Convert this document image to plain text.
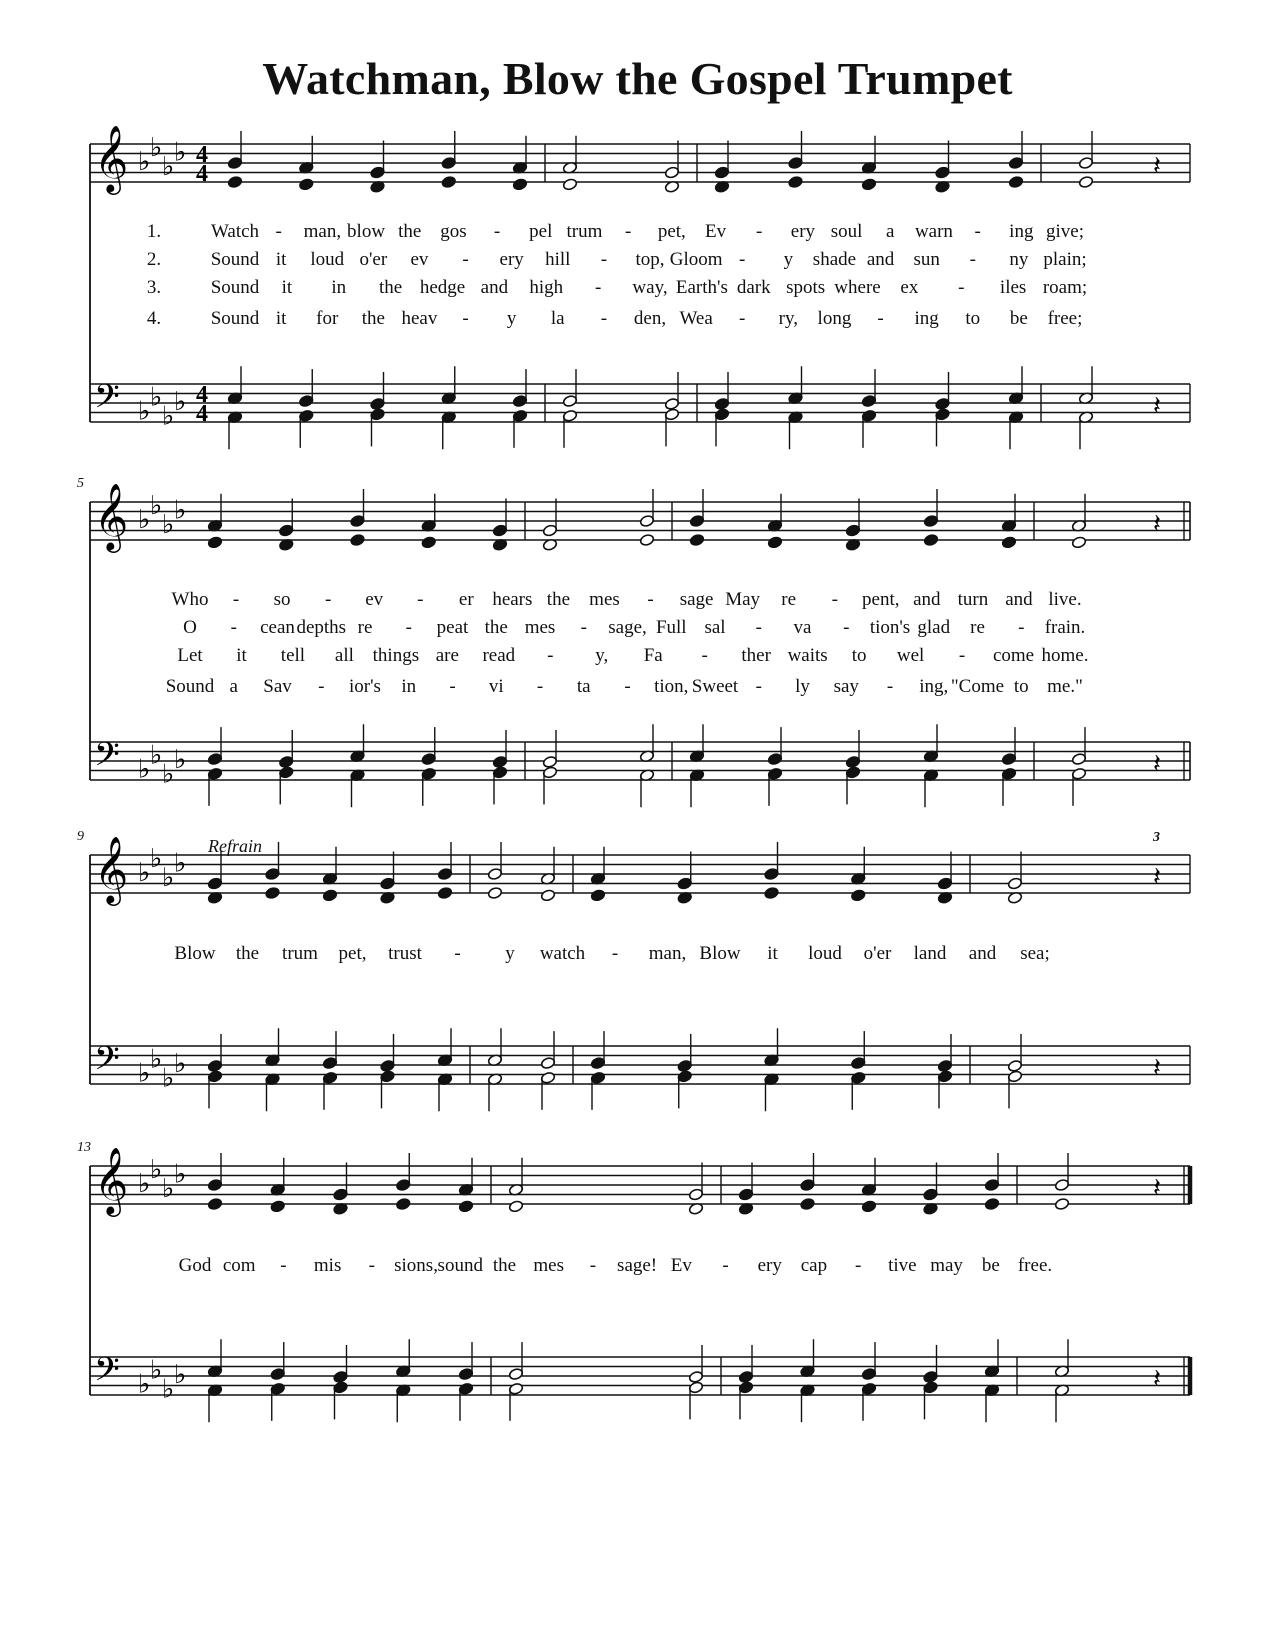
Watchman, Blow the Gospel Trumpet
𝄞
𝄢
♭ ♭
♭ ♭
♭ ♭
♭ ♭
4
4
4
4
𝄽
𝄽
𝄞
𝄢
♭ ♭
♭ ♭
♭ ♭
♭ ♭
𝄽
𝄽
𝄞
𝄢
♭ ♭
♭ ♭
♭ ♭
♭ ♭
𝄽
𝄽
𝄞
𝄢
♭ ♭
♭ ♭
♭ ♭
♭ ♭
𝄽
𝄽
5
9
13
Refrain	3
1.	Watch - man, blow the gos - pel trum - pet, Ev - ery soul a warn - ing give;
2.	Sound it loud o'er ev - ery hill - top, Gloom - y shade and sun - ny plain;
3.	Sound it in the hedge and high - way, Earth's dark spots where ex - iles roam;
4.	Sound it for the heav - y la - den, Wea - ry, long - ing to be free;
Who - so - ev - er hears the mes - sage May re - pent, and turn and live.
O - cean depths re - peat the mes - sage, Full sal - va - tion's glad re - frain.
Let it tell all things are read - y, Fa - ther waits to wel - come home.
Sound a Sav - ior's in - vi - ta - tion, Sweet - ly say - ing, "Come to me."
Blow the trum pet, trust - y watch - man, Blow it loud o'er land and sea;
God com - mis - sions, sound the mes - sage! Ev - ery cap - tive may be free.
